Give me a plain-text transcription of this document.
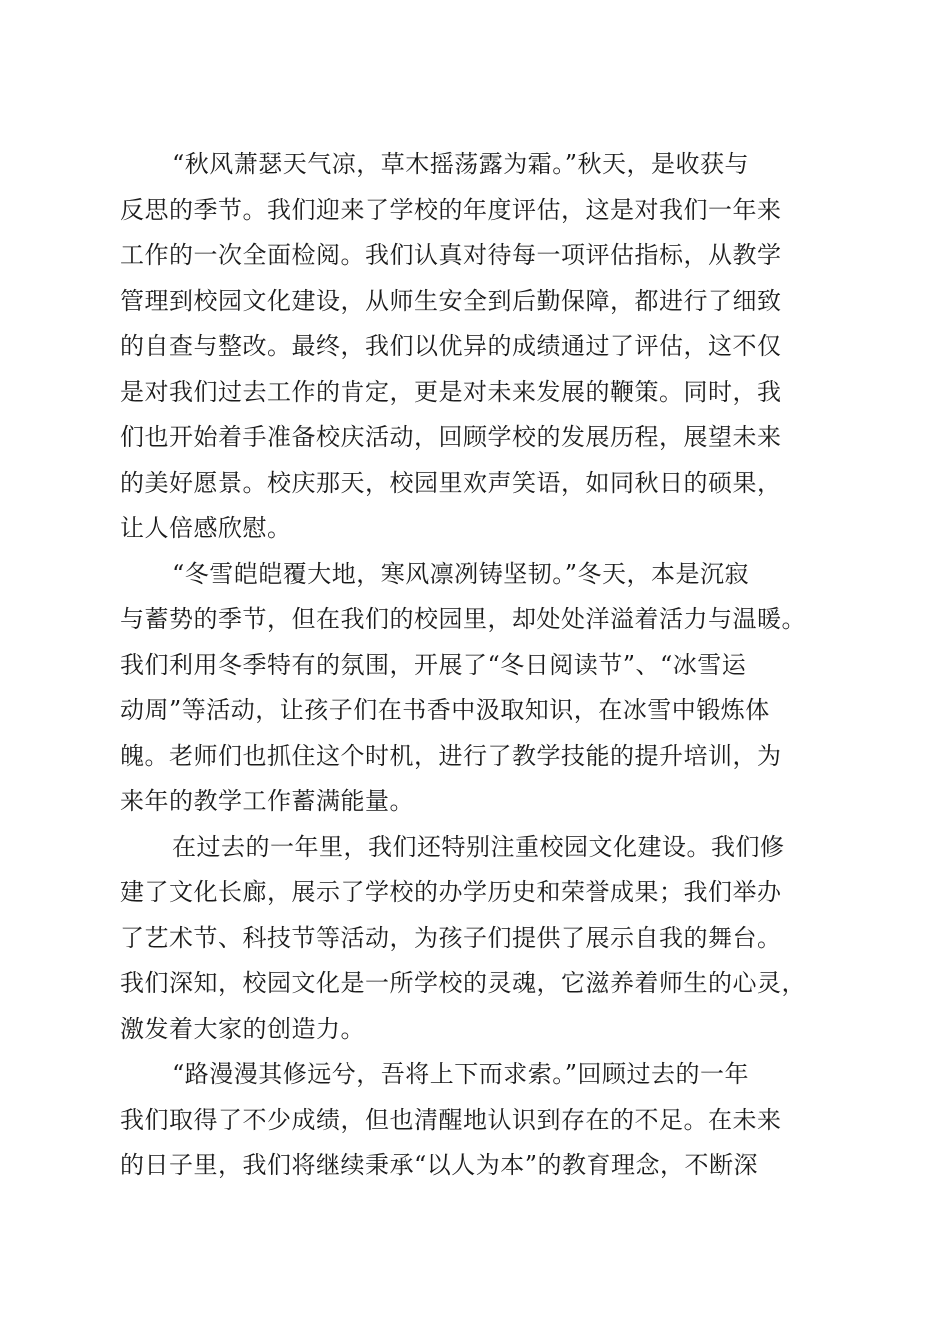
“秋风萧瑟天气凉，草木摇荡露为霜。”秋天，是收获与
反思的季节。我们迎来了学校的年度评估，这是对我们一年来
工作的一次全面检阅。我们认真对待每一项评估指标，从教学
管理到校园文化建设，从师生安全到后勤保障，都进行了细致
的自查与整改。最终，我们以优异的成绩通过了评估，这不仅
是对我们过去工作的肯定，更是对未来发展的鞭策。同时，我
们也开始着手准备校庆活动，回顾学校的发展历程，展望未来
的美好愿景。校庆那天，校园里欢声笑语，如同秋日的硕果，
让人倍感欣慰。
“冬雪皑皑覆大地，寒风凛冽铸坚韧。”冬天，本是沉寂
与蓄势的季节，但在我们的校园里，却处处洋溢着活力与温暖。
我们利用冬季特有的氛围，开展了“冬日阅读节”、“冰雪运
动周”等活动，让孩子们在书香中汲取知识，在冰雪中锻炼体
魄。老师们也抓住这个时机，进行了教学技能的提升培训，为
来年的教学工作蓄满能量。
在过去的一年里，我们还特别注重校园文化建设。我们修
建了文化长廊，展示了学校的办学历史和荣誉成果；我们举办
了艺术节、科技节等活动，为孩子们提供了展示自我的舞台。
我们深知，校园文化是一所学校的灵魂，它滋养着师生的心灵，
激发着大家的创造力。
“路漫漫其修远兮，吾将上下而求索。”回顾过去的一年
我们取得了不少成绩，但也清醒地认识到存在的不足。在未来
的日子里，我们将继续秉承“以人为本”的教育理念，不断深
